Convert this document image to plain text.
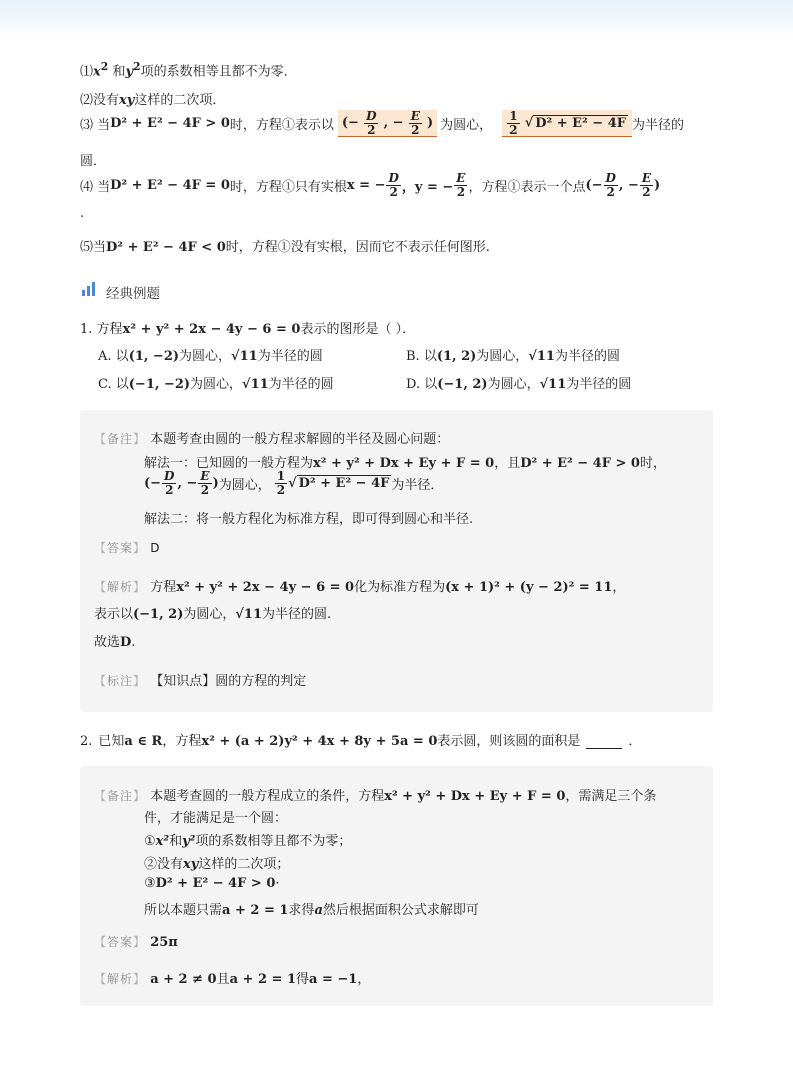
$⑴x^2$ 和$y^2$项的系数相等且都不为零．
⑵没有xy这样的二次项．
⑶ 当 D² + E² − 4F > 0 时，方程①表示以 (− $\frac{D}{2}$ , − $\frac{E}{2}$ ) 为圆心， $\frac{1}{2}$ √ D² + E² − 4F 为半径的
圆．
⑷ 当 D² + E² − 4F = 0 时，方程①只有实根 x = − $\frac{D}{2}$ ，y = − $\frac{E}{2}$ ，方程①表示一个点 (− $\frac{D}{2}$ , − $\frac{E}{2}$ )
.
⑸当D² + E² − 4F < 0时，方程①没有实根，因而它不表示任何图形.
经典例题
1. 方程x² + y² + 2x − 4y − 6 = 0表示的图形是（ ）．
A. 以(1, −2)为圆心，√11为半径的圆	B. 以(1, 2)为圆心，√11为半径的圆
C. 以(−1, −2)为圆心，√11为半径的圆	D. 以(−1, 2)为圆心，√11为半径的圆
【备注】 本题考查由圆的一般方程求解圆的半径及圆心问题：
解法一：已知圆的一般方程为x² + y² + Dx + Ey + F = 0，且D² + E² − 4F > 0时，
(− $\frac{D}{2}$ , − $\frac{E}{2}$ ) 为圆心， $\frac{1}{2}$ √ D² + E² − 4F 为半径．
解法二：将一般方程化为标准方程，即可得到圆心和半径.
【答案】 D
【解析】 方程x² + y² + 2x − 4y − 6 = 0化为标准方程为(x + 1)² + (y − 2)² = 11，
表示以(−1, 2)为圆心，√11为半径的圆.
故选D.
【标注】 【知识点】圆的方程的判定
2. 已知 a ∈ R ，方程 x² + (a + 2)y² + 4x + 8y + 5a = 0 表示圆，则该圆的面积是	．
【备注】 本题考查圆的一般方程成立的条件，方程x² + y² + Dx + Ey + F = 0，需满足三个条
件，才能满足是一个圆：
①x²和y²项的系数相等且都不为零；
②没有xy这样的二次项；
③D² + E² − 4F > 0·
所以本题只需a + 2 = 1求得a然后根据面积公式求解即可
【答案】 25π
【解析】 a + 2 ≠ 0且a + 2 = 1得a = −1，
